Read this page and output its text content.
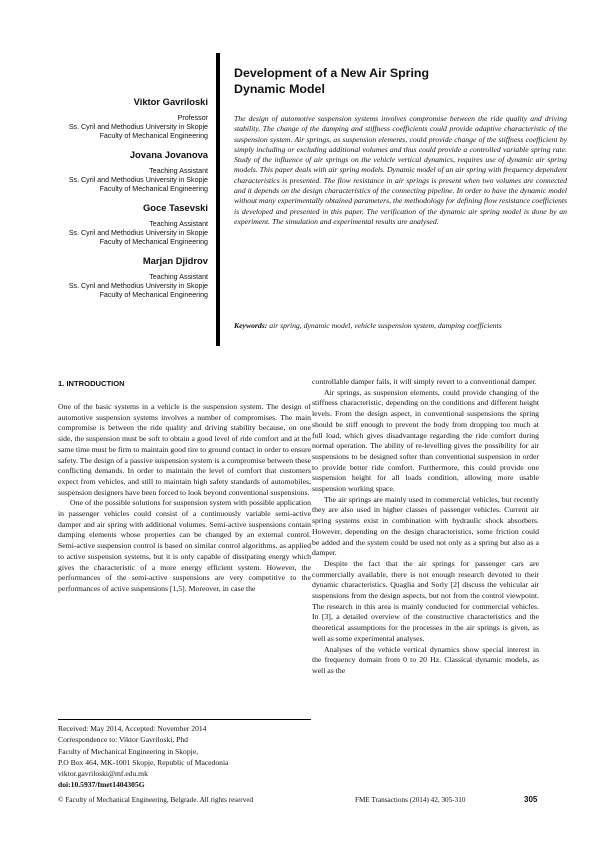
Viktor Gavriloski
Professor
Ss. Cyril and Methodius University in Skopje
Faculty of Mechanical Engineering
Jovana Jovanova
Teaching Assistant
Ss. Cyril and Methodius University in Skopje
Faculty of Mechanical Engineering
Goce Tasevski
Teaching Assistant
Ss. Cyril and Methodius University in Skopje
Faculty of Mechanical Engineering
Marjan Djidrov
Teaching Assistant
Ss. Cyril and Methodius University in Skopje
Faculty of Mechanical Engineering
Development of a New Air Spring
Dynamic Model

The design of automotive suspension systems involves compromise between the ride quality and driving stability. The change of the damping and stiffness coefficients could provide adaptive characteristic of the suspension system. Air springs, as suspension elements, could provide change of the stiffness coefficient by simply including or excluding additional volumes and thus could provide a controlled variable spring rate. Study of the influence of air springs on the vehicle vertical dynamics, requires use of dynamic air spring models. This paper deals with air spring models. Dynamic model of an air spring with frequency dependent characteristics is presented. The flow resistance in air springs is present when two volumes are connected and it depends on the design characteristics of the connecting pipeline. In order to have the dynamic model without many experimentally obtained parameters, the methodology for defining flow resistance coefficients is developed and presented in this paper. The verification of the dynamic air spring model is done by an experiment. The simulation and experimental results are analysed.

Keywords: air spring, dynamic model, vehicle suspension system, damping coefficients

1. INTRODUCTION

One of the basic systems in a vehicle is the suspension system. The design of automotive suspension systems involves a number of compromises. The main compromise is between the ride quality and driving stability because, on one side, the suspension must be soft to obtain a good level of ride comfort and at the same time must be firm to maintain good tire to ground contact in order to ensure safety. The design of a passive suspension system is a compromise between these conflicting demands. In order to maintain the level of comfort that customers expect from vehicles, and still to maintain high safety standards of automobiles, suspension designers have been forced to look beyond conventional suspensions.

One of the possible solutions for suspension system with possible application in passenger vehicles could consist of a continuously variable semi-active damper and air spring with additional volumes. Semi-active suspensions contain damping elements whose properties can be changed by an external control. Semi-active suspension control is based on similar control algorithms, as applied to active suspension systems, but it is only capable of dissipating energy which gives the characteristic of a more energy efficient system. However, the performances of the semi-active suspensions are very competitive to the performances of active suspensions [1,5]. Moreover, in case the

controllable damper fails, it will simply revert to a conventional damper.

Air springs, as suspension elements, could provide changing of the stiffness characteristic, depending on the conditions and different height levels. From the design aspect, in conventional suspensions the spring should be stiff enough to prevent the body from dropping too much at full load, which gives disadvantage regarding the ride comfort during normal operation. The ability of re-levelling gives the possibility for air suspensions to be designed softer than conventional suspension in order to provide better ride comfort. Furthermore, this could provide one suspension height for all loads condition, allowing more usable suspension working space.

The air springs are mainly used in commercial vehicles, but recently they are also used in higher classes of passenger vehicles. Current air spring systems exist in combination with hydraulic shock absorbers. However, depending on the design characteristics, some friction could be added and the system could be used not only as a spring but also as a damper.

Despite the fact that the air springs for passenger cars are commercially available, there is not enough research devoted to their dynamic characteristics. Quaglia and Sorly [2] discuss the vehicular air suspensions from the design aspects, but not from the control viewpoint. The research in this area is mainly conducted for commercial vehicles. In [3], a detailed overview of the constructive characteristics and the theoretical assumptions for the processes in the air springs is given, as well as some experimental analyses.

Analyses of the vehicle vertical dynamics show special interest in the frequency domain from 0 to 20 Hz. Classical dynamic models, as well as the

Received: May 2014, Accepted: November 2014
Correspondence to: Viktor Gavriloski, Phd
Faculty of Mechanical Engineering in Skopje,
P.O Box 464, MK-1001 Skopje, Republic of Macedonia
viktor.gavriloski@mf.edu.mk
doi:10.5937/fmet1404305G
© Faculty of Mechanical Engineering, Belgrade. All rights reserved	FME Transactions (2014) 42, 305-310	305
